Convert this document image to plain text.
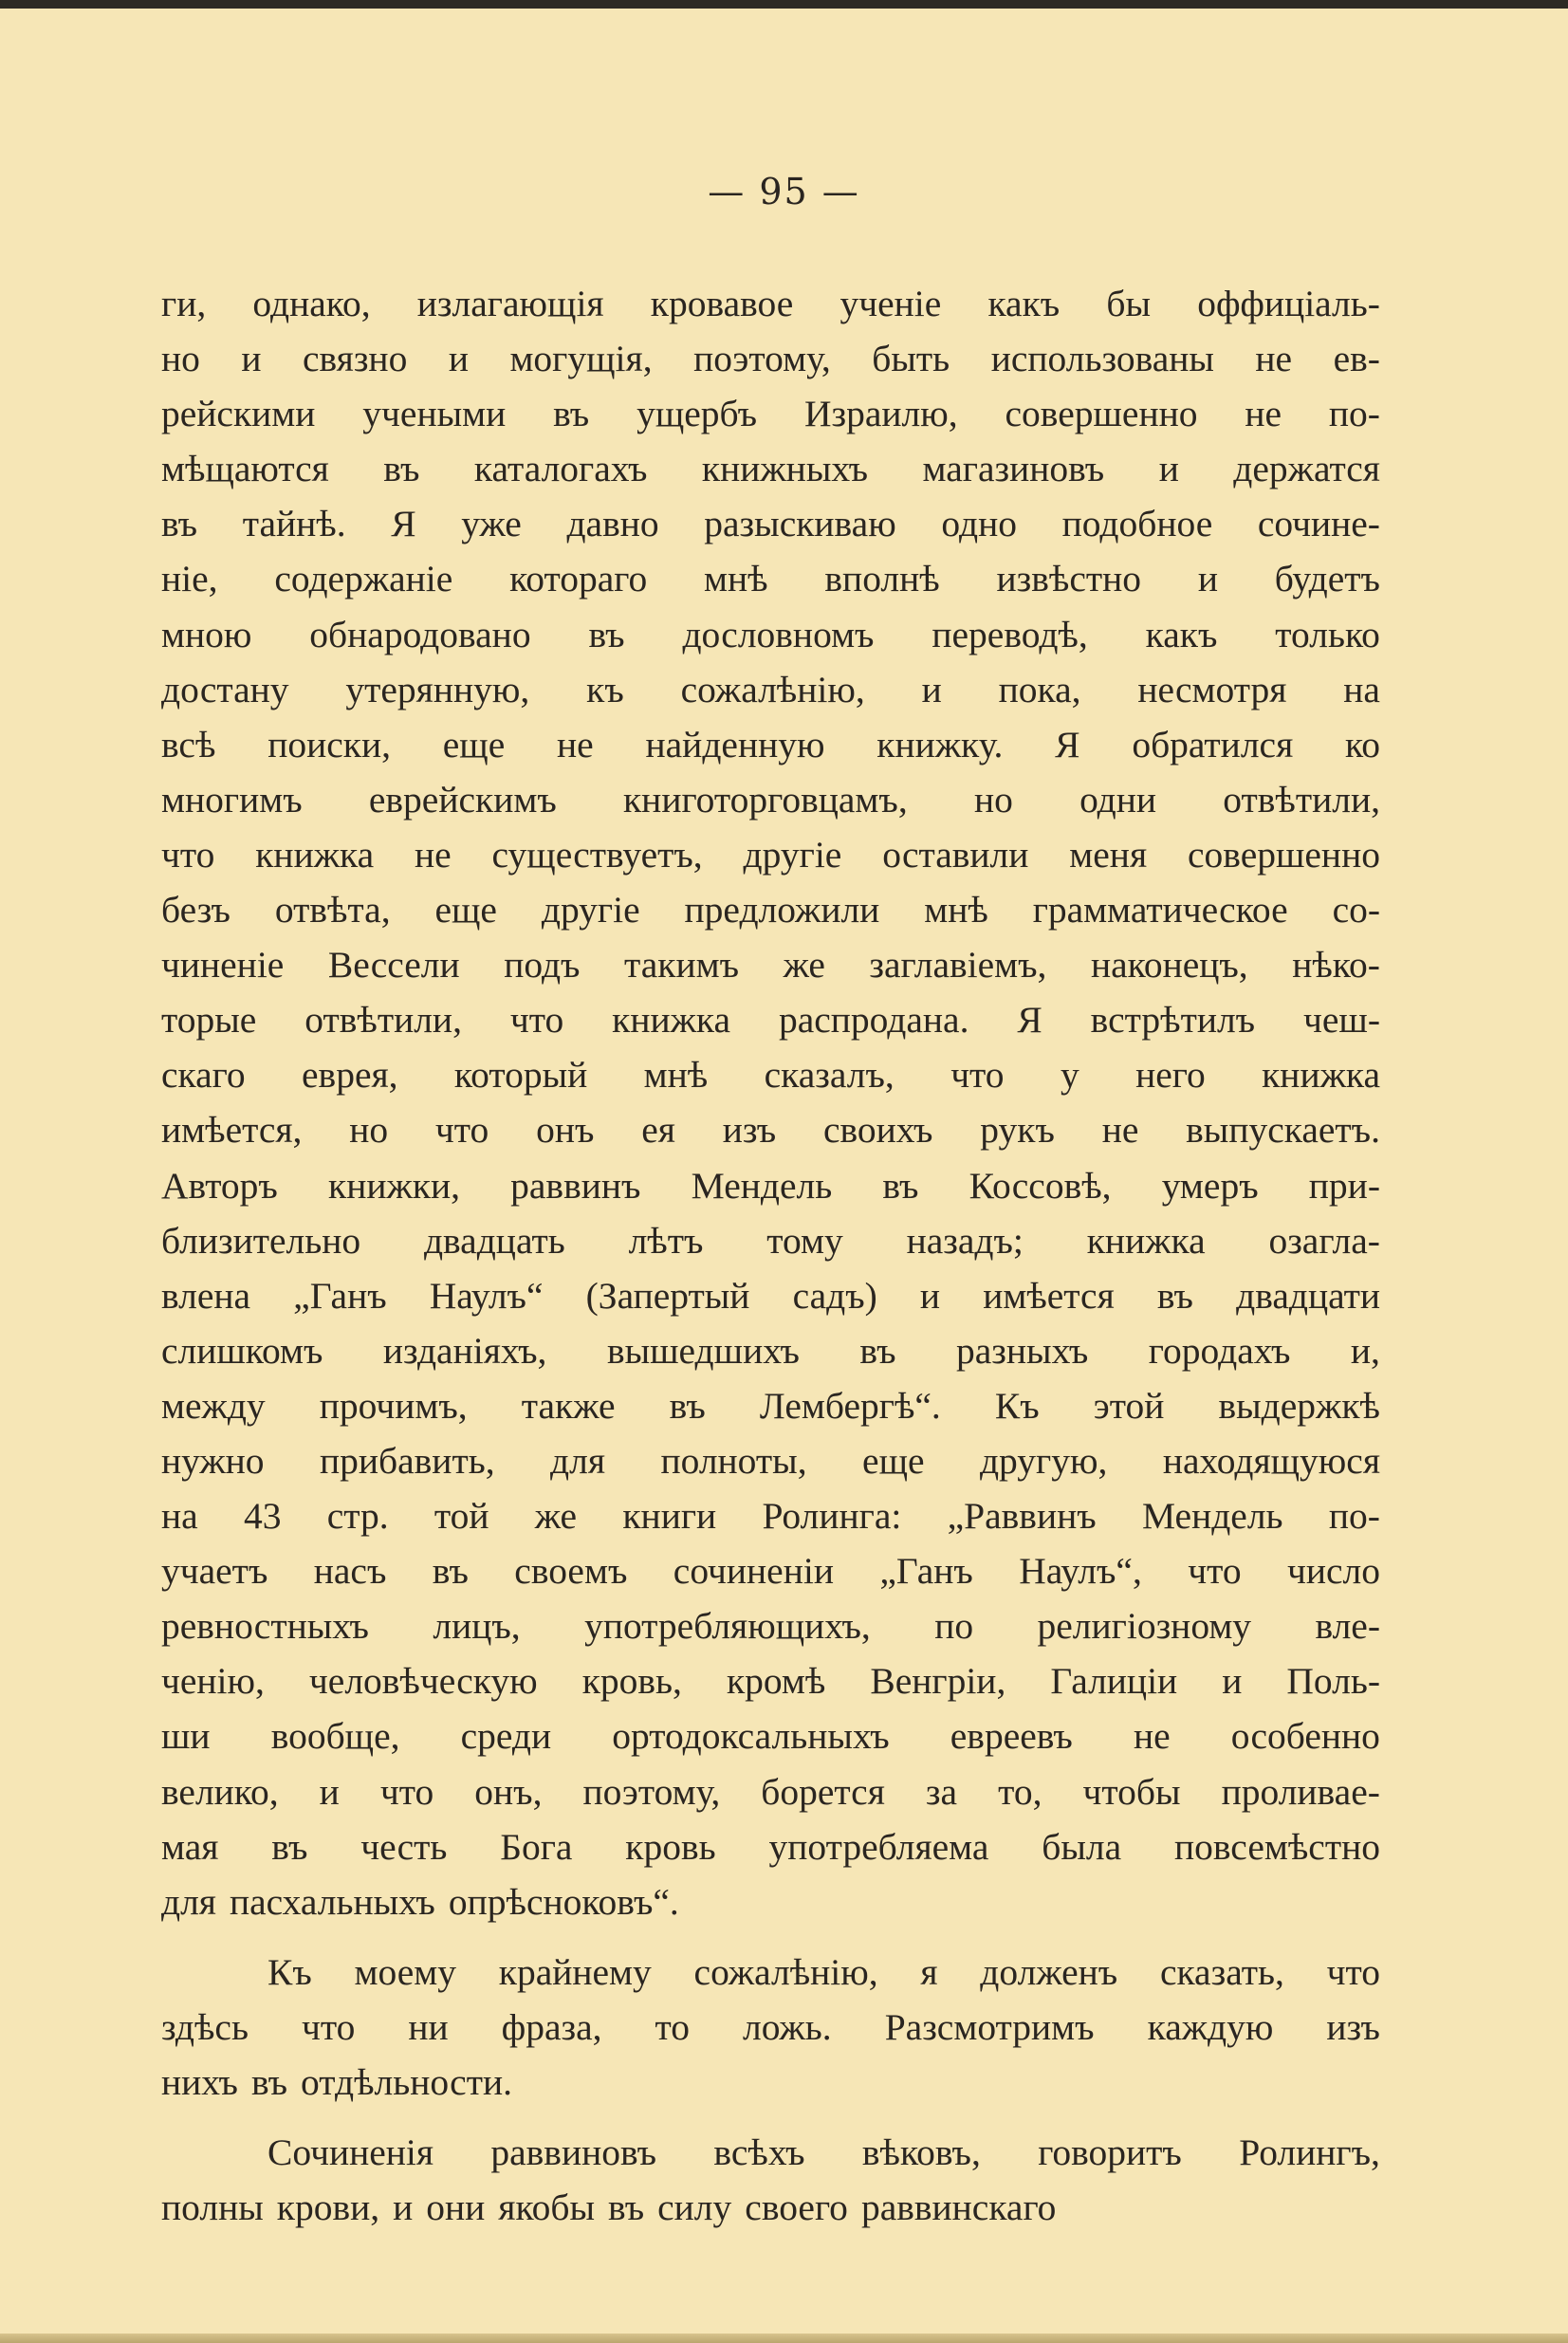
— 95 —
ги, однако, излагающія кровавое ученіе какъ бы оффиціаль-
но и связно и могущія, поэтому, быть использованы не ев-
рейскими учеными въ ущербъ Израилю, совершенно не по-
мѣщаются въ каталогахъ книжныхъ магазиновъ и держатся
въ тайнѣ. Я уже давно разыскиваю одно подобное сочине-
ніе, содержаніе котораго мнѣ вполнѣ извѣстно и будетъ
мною обнародовано въ дословномъ переводѣ, какъ только
достану утерянную, къ сожалѣнію, и пока, несмотря на
всѣ поиски, еще не найденную книжку. Я обратился ко
многимъ еврейскимъ книготорговцамъ, но одни отвѣтили,
что книжка не существуетъ, другіе оставили меня совершенно
безъ отвѣта, еще другіе предложили мнѣ грамматическое со-
чиненіе Вессели подъ такимъ же заглавіемъ, наконецъ, нѣко-
торые отвѣтили, что книжка распродана. Я встрѣтилъ чеш-
скаго еврея, который мнѣ сказалъ, что у него книжка
имѣется, но что онъ ея изъ своихъ рукъ не выпускаетъ.
Авторъ книжки, раввинъ Мендель въ Коссовѣ, умеръ при-
близительно двадцать лѣтъ тому назадъ; книжка озагла-
влена „Ганъ Наулъ“ (Запертый садъ) и имѣется въ двадцати
слишкомъ изданіяхъ, вышедшихъ въ разныхъ городахъ и,
между прочимъ, также въ Лембергѣ“. Къ этой выдержкѣ
нужно прибавить, для полноты, еще другую, находящуюся
на 43 стр. той же книги Ролинга: „Раввинъ Мендель по-
учаетъ насъ въ своемъ сочиненіи „Ганъ Наулъ“, что число
ревностныхъ лицъ, употребляющихъ, по религіозному вле-
ченію, человѣческую кровь, кромѣ Венгріи, Галиціи и Поль-
ши вообще, среди ортодоксальныхъ евреевъ не особенно
велико, и что онъ, поэтому, борется за то, чтобы проливае-
мая въ честь Бога кровь употребляема была повсемѣстно
для пасхальныхъ опрѣсноковъ“.
Къ моему крайнему сожалѣнію, я долженъ сказать, что
здѣсь что ни фраза, то ложь. Разсмотримъ каждую изъ
нихъ въ отдѣльности.
Сочиненія раввиновъ всѣхъ вѣковъ, говоритъ Ролингъ,
полны крови, и они якобы въ силу своего раввинскаго
